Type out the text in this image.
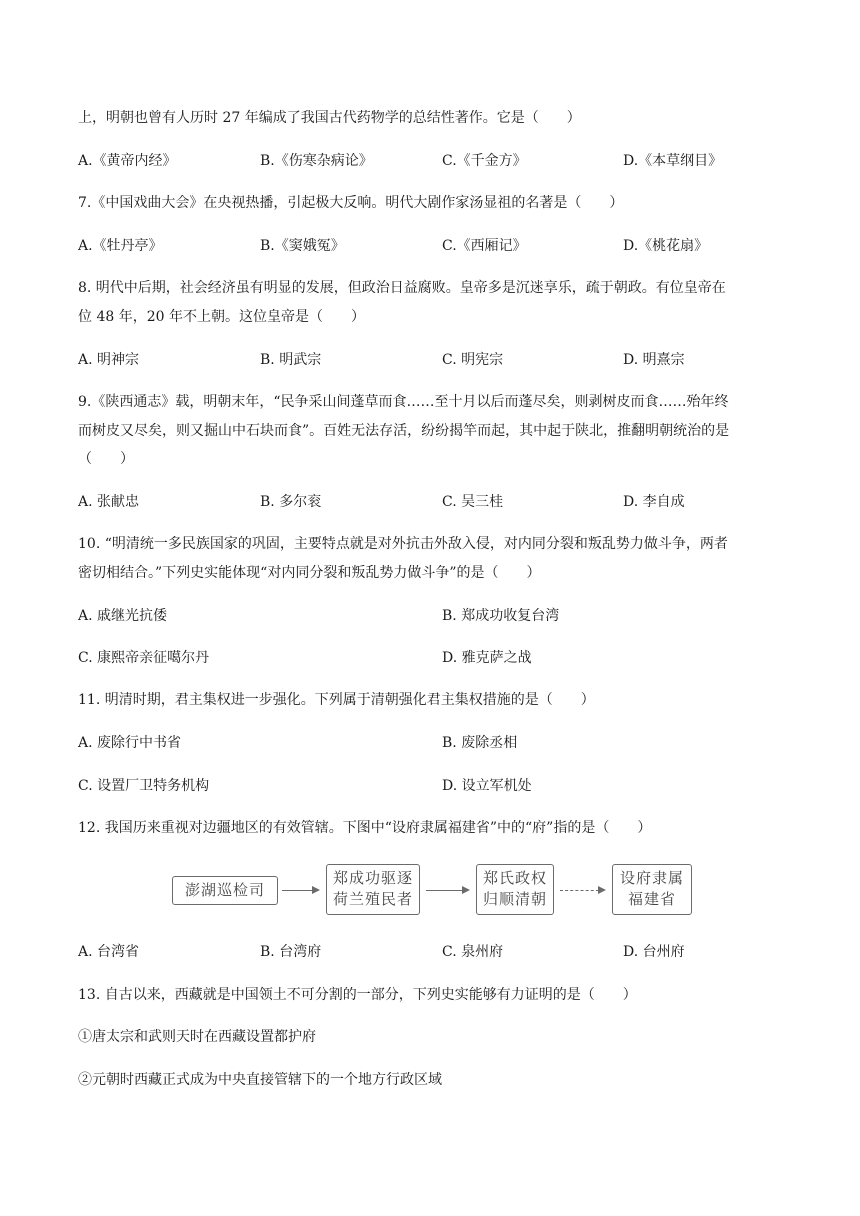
上，明朝也曾有人历时 27 年编成了我国古代药物学的总结性著作。它是（　　）
A.《黄帝内经》	B.《伤寒杂病论》	C.《千金方》	D.《本草纲目》
7.《中国戏曲大会》在央视热播，引起极大反响。明代大剧作家汤显祖的名著是（　　）
A.《牡丹亭》	B.《窦娥冤》	C.《西厢记》	D.《桃花扇》
8. 明代中后期，社会经济虽有明显的发展，但政治日益腐败。皇帝多是沉迷享乐，疏于朝政。有位皇帝在
位 48 年，20 年不上朝。这位皇帝是（　　）
A. 明神宗	B. 明武宗	C. 明宪宗	D. 明熹宗
9.《陕西通志》载，明朝末年，“民争采山间蓬草而食……至十月以后而蓬尽矣，则剥树皮而食……殆年终
而树皮又尽矣，则又掘山中石块而食”。百姓无法存活，纷纷揭竿而起，其中起于陕北，推翻明朝统治的是
（　　）
A. 张献忠	B. 多尔衮	C. 吴三桂	D. 李自成
10. “明清统一多民族国家的巩固，主要特点就是对外抗击外敌入侵，对内同分裂和叛乱势力做斗争，两者
密切相结合。”下列史实能体现“对内同分裂和叛乱势力做斗争”的是（　　）
A. 戚继光抗倭	B. 郑成功收复台湾
C. 康熙帝亲征噶尔丹	D. 雅克萨之战
11. 明清时期，君主集权进一步强化。下列属于清朝强化君主集权措施的是（　　）
A. 废除行中书省	B. 废除丞相
C. 设置厂卫特务机构	D. 设立军机处
12. 我国历来重视对边疆地区的有效管辖。下图中“设府隶属福建省”中的“府”指的是（　　）
澎湖巡检司
郑成功驱逐
荷兰殖民者
郑氏政权
归顺清朝
设府隶属
福建省
A. 台湾省	B. 台湾府	C. 泉州府	D. 台州府
13. 自古以来，西藏就是中国领土不可分割的一部分，下列史实能够有力证明的是（　　）
①唐太宗和武则天时在西藏设置都护府
②元朝时西藏正式成为中央直接管辖下的一个地方行政区域
